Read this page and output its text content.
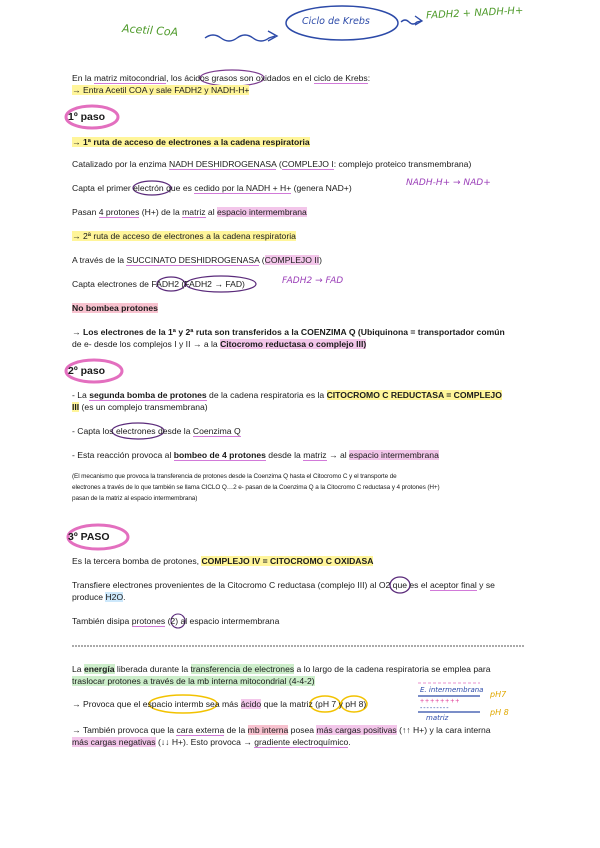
Acetil CoA
Ciclo de Krebs	FADH2 + NADH-H+
En la matriz mitocondrial, los ácidos grasos son oxidados en el ciclo de Krebs:
→ Entra Acetil COA y sale FADH2 y NADH-H+
1º paso
→ 1ª ruta de acceso de electrones a la cadena respiratoria
Catalizado por la enzima NADH DESHIDROGENASA (COMPLEJO I: complejo proteico transmembrana)
Capta el primer electrón que es cedido por la NADH + H+ (genera NAD+)	NADH-H+ → NAD+
Pasan 4 protones (H+) de la matriz al espacio intermembrana
→ 2ª ruta de acceso de electrones a la cadena respiratoria
A través de la SUCCINATO DESHIDROGENASA (COMPLEJO II)
Capta electrones de FADH2 (FADH2 → FAD)	FADH2 → FAD
No bombea protones
→ Los electrones de la 1ª y 2ª ruta son transferidos a la COENZIMA Q (Ubiquinona = transportador común
de e- desde los complejos I y II → a la Citocromo reductasa o complejo III)
2º paso
- La segunda bomba de protones de la cadena respiratoria es la CITOCROMO C REDUCTASA = COMPLEJO
III (es un complejo transmembrana)
- Capta los electrones desde la Coenzima Q
- Esta reacción provoca al bombeo de 4 protones desde la matriz → al espacio intermembrana
(El mecanismo que provoca la transferencia de protones desde la Coenzima Q hasta el Citocromo C y el transporte de
electrones a través de lo que también se llama CICLO Q…2 e- pasan de la Coenzima Q a la Citocromo C reductasa y 4 protones (H+)
pasan de la matriz al espacio intermembrana)
3º PASO
Es la tercera bomba de protones, COMPLEJO IV = CITOCROMO C OXIDASA
Transfiere electrones provenientes de la Citocromo C reductasa (complejo III) al O2 que es el aceptor final y se
produce H2O.
También disipa protones (2) al espacio intermembrana
La energía liberada durante la transferencia de electrones a lo largo de la cadena respiratoria se emplea para
traslocar protones a través de la mb interna mitocondrial (4-4-2)
→ Provoca que el espacio intermb sea más ácido que la matriz (pH 7 y pH 8)
→ También provoca que la cara externa de la mb interna posea más cargas positivas (↑↑ H+) y la cara interna
más cargas negativas (↓↓ H+). Esto provoca → gradiente electroquímico.
E. intermembrana
+ + + + + + + +
- - - - - - - - -
matriz
pH7
pH 8
